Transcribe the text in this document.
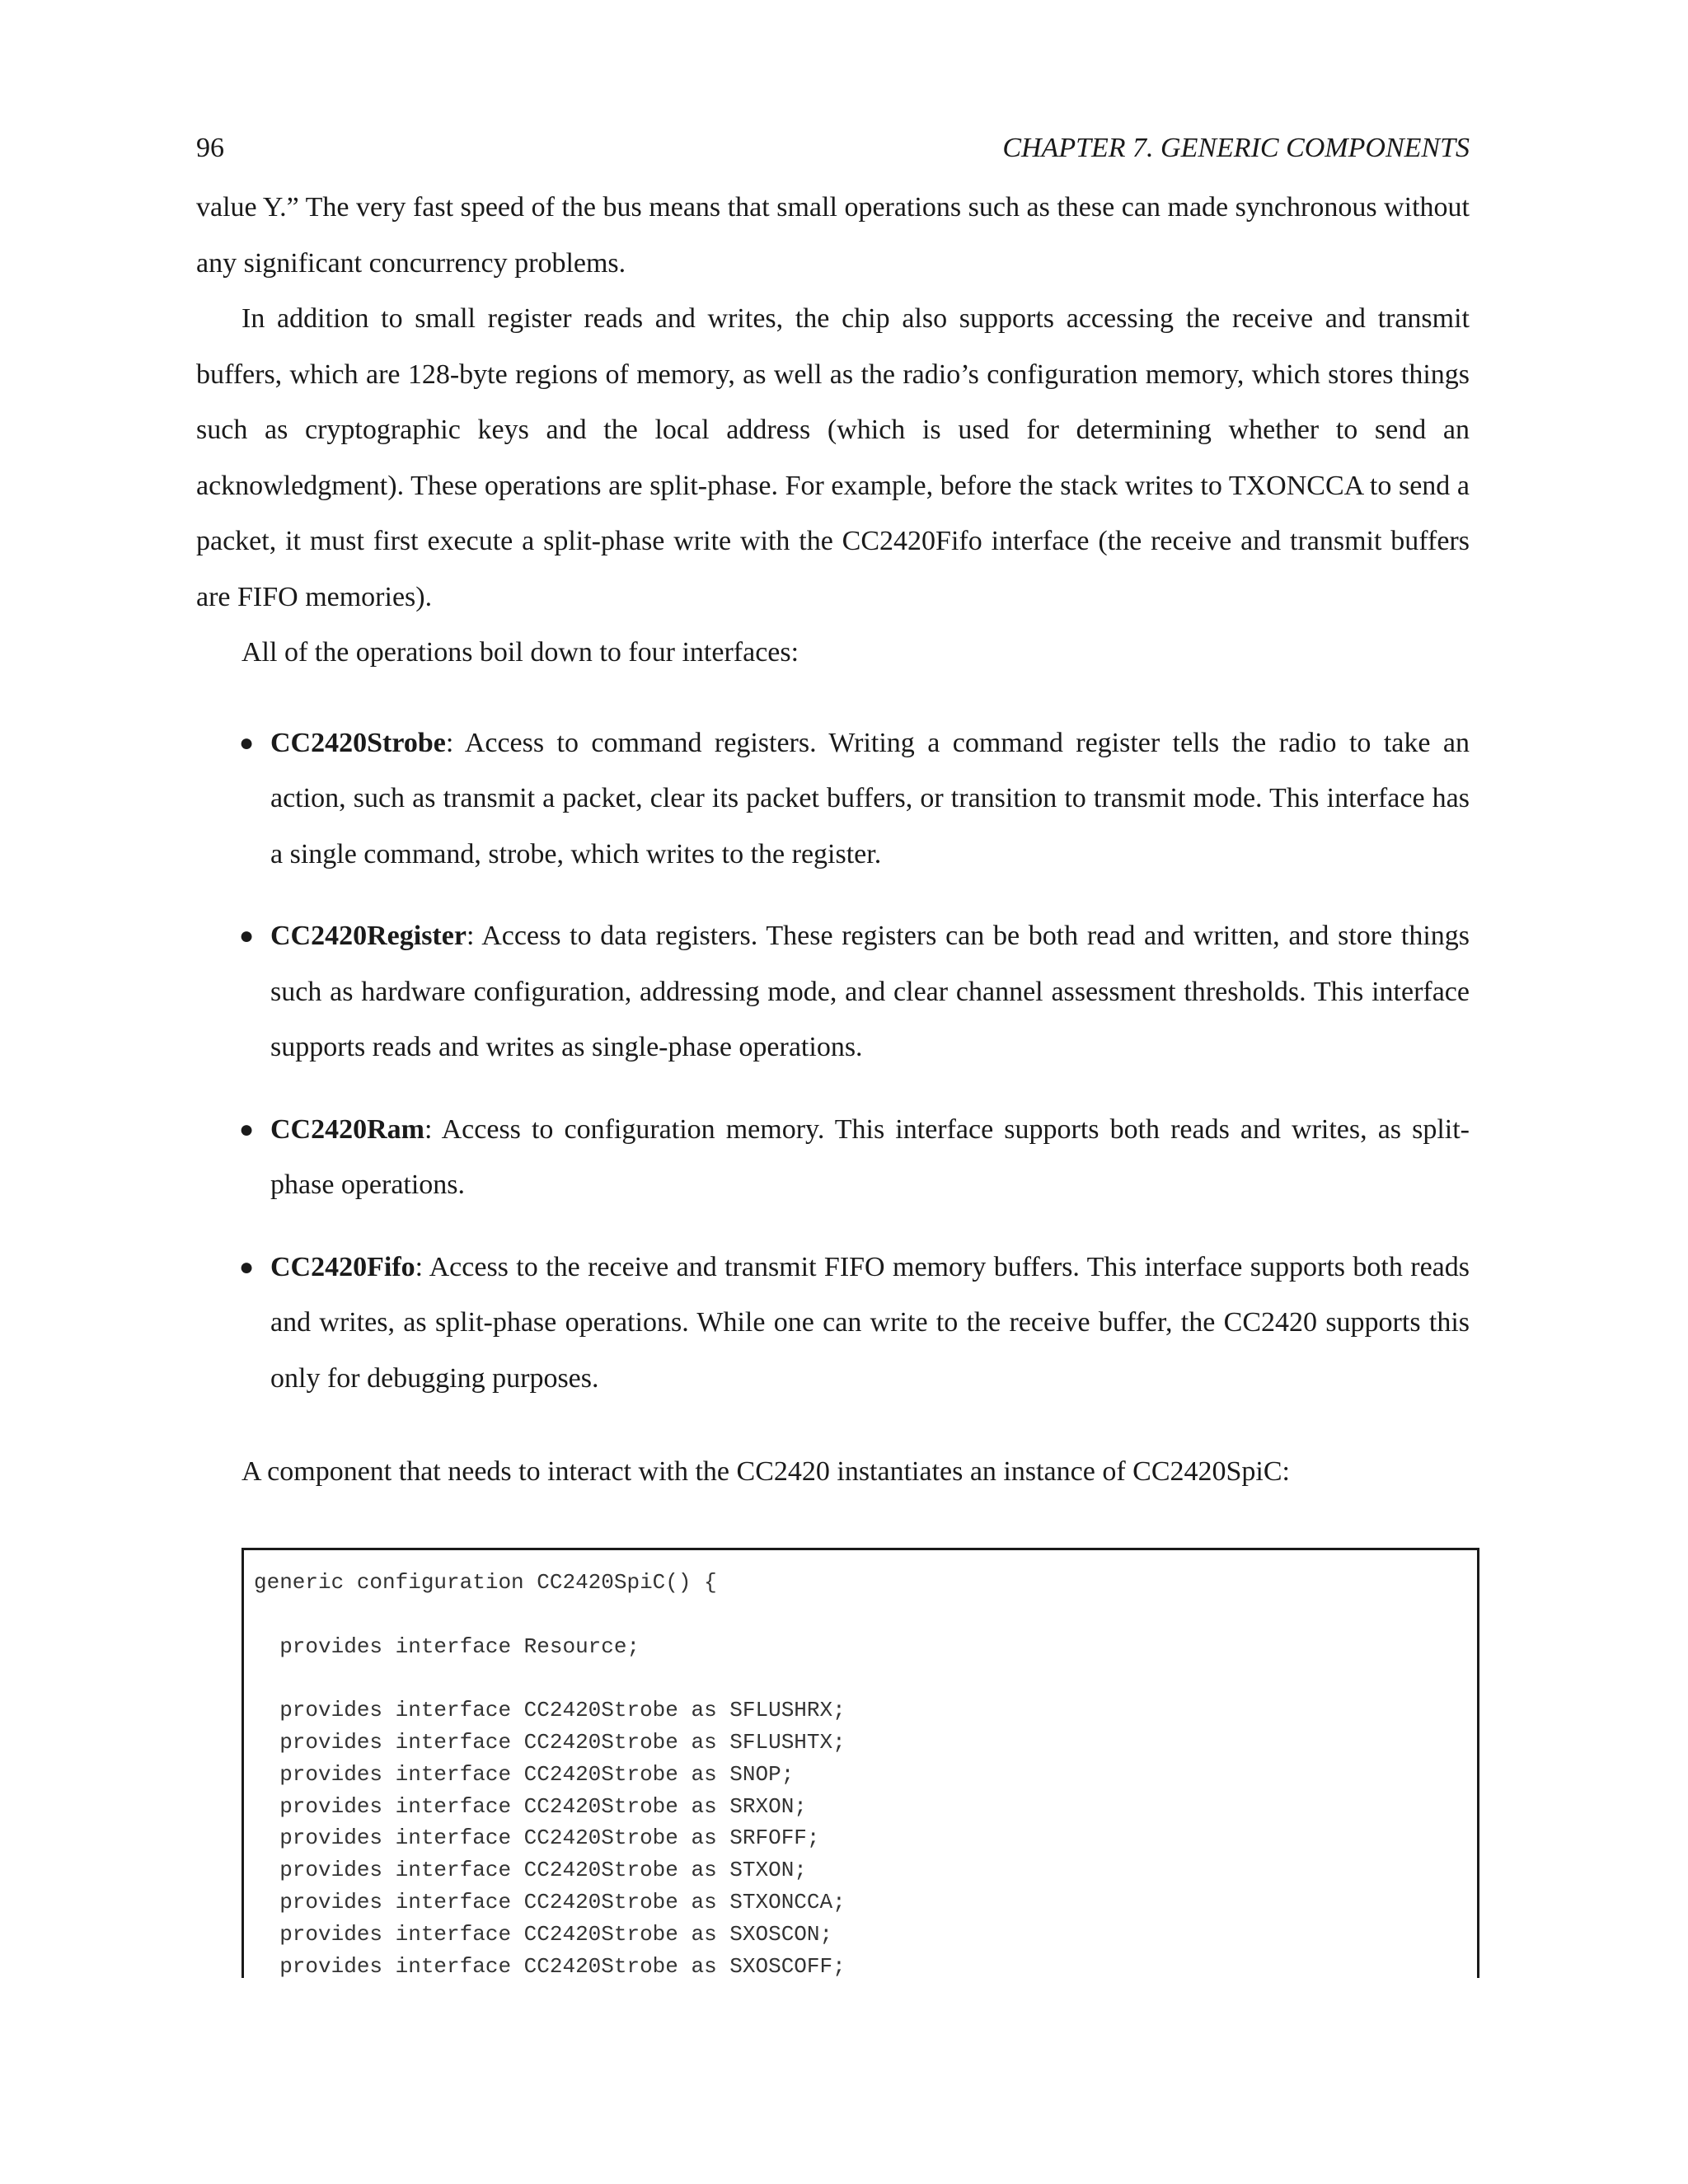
96	CHAPTER 7. GENERIC COMPONENTS

value Y.” The very fast speed of the bus means that small operations such as these can made synchronous without any significant concurrency problems.

In addition to small register reads and writes, the chip also supports accessing the receive and transmit buffers, which are 128-byte regions of memory, as well as the radio’s configuration memory, which stores things such as cryptographic keys and the local address (which is used for determining whether to send an acknowledgment). These operations are split-phase. For example, before the stack writes to TXONCCA to send a packet, it must first execute a split-phase write with the CC2420Fifo interface (the receive and transmit buffers are FIFO memories).

All of the operations boil down to four interfaces:

● CC2420Strobe: Access to command registers. Writing a command register tells the radio to take an action, such as transmit a packet, clear its packet buffers, or transition to transmit mode. This interface has a single command, strobe, which writes to the register.
● CC2420Register: Access to data registers. These registers can be both read and written, and store things such as hardware configuration, addressing mode, and clear channel assessment thresholds. This interface supports reads and writes as single-phase operations.
● CC2420Ram: Access to configuration memory. This interface supports both reads and writes, as split-phase operations.
● CC2420Fifo: Access to the receive and transmit FIFO memory buffers. This interface supports both reads and writes, as split-phase operations. While one can write to the receive buffer, the CC2420 supports this only for debugging purposes.

A component that needs to interact with the CC2420 instantiates an instance of CC2420SpiC:

generic configuration CC2420SpiC() {
provides interface Resource;
provides interface CC2420Strobe as SFLUSHRX;
provides interface CC2420Strobe as SFLUSHTX;
provides interface CC2420Strobe as SNOP;
provides interface CC2420Strobe as SRXON;
provides interface CC2420Strobe as SRFOFF;
provides interface CC2420Strobe as STXON;
provides interface CC2420Strobe as STXONCCA;
provides interface CC2420Strobe as SXOSCON;
provides interface CC2420Strobe as SXOSCOFF;
